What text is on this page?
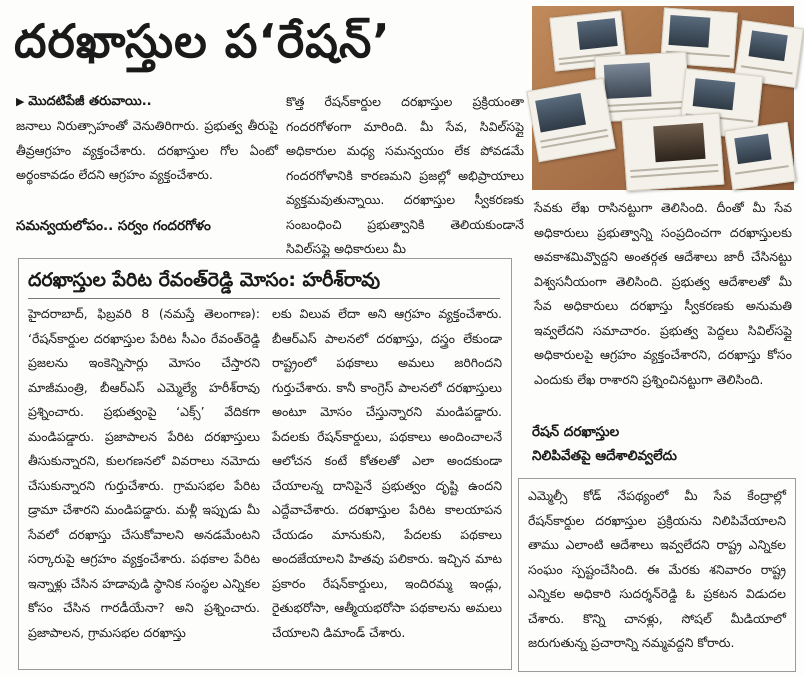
దరఖాస్తుల ప‘రేషన్’
▶ మొదటిపేజీ తరువాయి..

జనాలు నిరుత్సాహంతో వెనుతిరిగారు. ప్రభుత్వ తీరుపై తీవ్రఆగ్రహం వ్యక్తంచేశారు. దరఖాస్తుల గోల ఏంటో అర్థంకావడం లేదని ఆగ్రహం వ్యక్తంచేశారు.

సమన్వయలోపం.. సర్వం గందరగోళం

కొత్త రేషన్‌కార్డుల దరఖాస్తుల ప్రక్రియంతా గందరగోళంగా మారింది. మీ సేవ, సివిల్‌సప్లై అధికారుల మధ్య సమన్వయం లేక పోవడమే గందరగోళానికి కారణమని ప్రజల్లో అభిప్రాయాలు వ్యక్తమవుతున్నాయి. దరఖాస్తుల స్వీకరణకు సంబంధించి ప్రభుత్వానికి తెలియకుండానే సివిల్‌సప్లై అధికారులు మీ

సేవకు లేఖ రాసినట్టుగా తెలిసింది. దీంతో మీ సేవ అధికారులు ప్రభుత్వాన్ని సంప్రదించగా దరఖాస్తులకు అవకాశమివ్వొద్దని అంతర్గత ఆదేశాలు జారీ చేసినట్టు విశ్వసనీయంగా తెలిసింది. ప్రభుత్వ ఆదేశాలతో మీ సేవ అధికారులు దరఖాస్తు స్వీకరణకు అనుమతి ఇవ్వలేదని సమాచారం. ప్రభుత్వ పెద్దలు సివిల్‌సప్లై అధికారులపై ఆగ్రహం వ్యక్తంచేశారని, దరఖాస్తు కోసం ఎందుకు లేఖ రాశారని ప్రశ్నించినట్టుగా తెలిసింది.

రేషన్ దరఖాస్తుల
నిలిపివేతపై ఆదేశాలివ్వలేదు

ఎమ్మెల్సీ కోడ్ నేపథ్యంలో మీ సేవ కేంద్రాల్లో రేషన్‌కార్డుల దరఖాస్తుల ప్రక్రియను నిలిపివేయాలని తాము ఎలాంటి ఆదేశాలు ఇవ్వలేదని రాష్ట్ర ఎన్నికల సంఘం స్పష్టంచేసింది. ఈ మేరకు శనివారం రాష్ట్ర ఎన్నికల అధికారి సుదర్శన్‌రెడ్డి ఓ ప్రకటన విడుదల చేశారు. కొన్ని చానళ్లు, సోషల్ మీడియాలో జరుగుతున్న ప్రచారాన్ని నమ్మవద్దని కోరారు.

దరఖాస్తుల పేరిట రేవంత్‌రెడ్డి మోసం: హరీశ్‌రావు

హైదరాబాద్, ఫిబ్రవరి 8 (నమస్తే తెలంగాణ): ‘రేషన్‌కార్డుల దరఖాస్తుల పేరిట సీఎం రేవంత్‌రెడ్డి ప్రజలను ఇంకెన్నిసార్లు మోసం చేస్తారని మాజీమంత్రి, బీఆర్‌ఎస్ ఎమ్మెల్యే హరీశ్‌రావు ప్రశ్నించారు. ప్రభుత్వంపై ‘ఎక్స్’ వేదికగా మండిపడ్డారు. ప్రజాపాలన పేరిట దరఖాస్తులు తీసుకున్నారని, కులగణనలో వివరాలు నమోదు చేసుకున్నారని గుర్తుచేశారు. గ్రామసభల పేరిట డ్రామా చేశారని మండిపడ్డారు. మళ్లీ ఇప్పుడు మీ సేవలో దరఖాస్తు చేసుకోవాలని అనడమేంటని సర్కారుపై ఆగ్రహం వ్యక్తంచేశారు. పథకాల పేరిట ఇన్నాళ్లు చేసిన హడావుడి స్థానిక సంస్థల ఎన్నికల కోసం చేసిన గారడీయేనా? అని ప్రశ్నించారు. ప్రజాపాలన, గ్రామసభల దరఖాస్తు

లకు విలువ లేదా అని ఆగ్రహం వ్యక్తంచేశారు. బీఆర్‌ఎస్ పాలనలో దరఖాస్తు, దస్త్రం లేకుండా రాష్ట్రంలో పథకాలు అమలు జరిగిందని గుర్తుచేశారు. కానీ కాంగ్రెస్ పాలనలో దరఖాస్తులు అంటూ మోసం చేస్తున్నారని మండిపడ్డారు. పేదలకు రేషన్‌కార్డులు, పథకాలు అందించాలనే ఆలోచన కంటే కోతలతో ఎలా అందకుండా చేయాలన్న దానిపైనే ప్రభుత్వం దృష్టి ఉందని ఎద్దేవాచేశారు. దరఖాస్తుల పేరిట కాలయాపన చేయడం మానుకుని, పేదలకు పథకాలు అందజేయాలని హితవు పలికారు. ఇచ్చిన మాట ప్రకారం రేషన్‌కార్డులు, ఇందిరమ్మ ఇండ్లు, రైతుభరోసా, ఆత్మీయభరోసా పథకాలను అమలు చేయాలని డిమాండ్ చేశారు.
